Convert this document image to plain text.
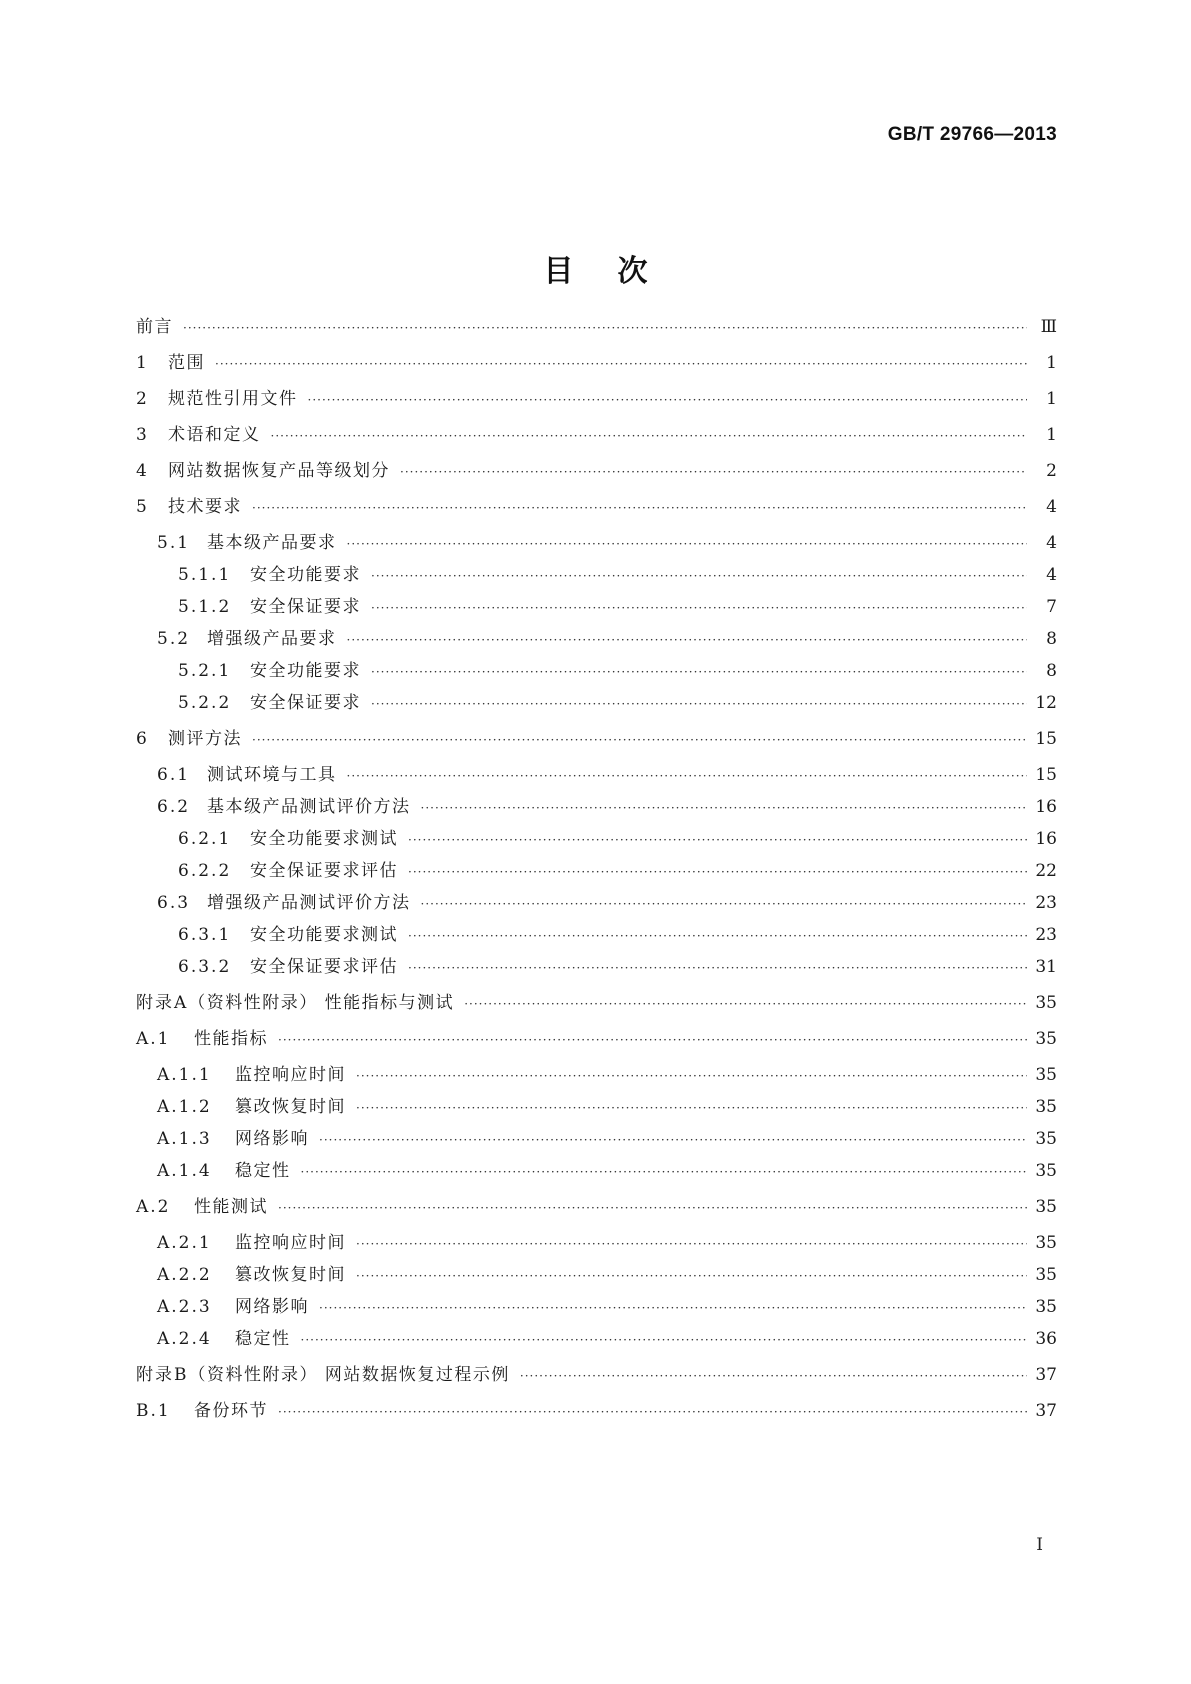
GB/T 29766—2013
目次
前言 ·····	Ⅲ
1	范围 ·····	1
2	规范性引用文件 ·····	1
3	术语和定义 ·····	1
4	网站数据恢复产品等级划分 ·····	2
5	技术要求 ·····	4
5.1 基本级产品要求 ·····	4
5.1.1	安全功能要求 ·····	4
5.1.2	安全保证要求 ·····	7
5.2 增强级产品要求 ·····	8
5.2.1	安全功能要求 ·····	8
5.2.2	安全保证要求 ·····	12
6	测评方法 ·····	15
6.1 测试环境与工具 ·····	15
6.2 基本级产品测试评价方法 ·····	16
6.2.1	安全功能要求测试 ·····	16
6.2.2	安全保证要求评估 ·····	22
6.3 增强级产品测试评价方法 ·····	23
6.3.1	安全功能要求测试 ·····	23
6.3.2	安全保证要求评估 ·····	31
附录A （资料性附录） 性能指标与测试 ·····	35
A.1	性能指标 ·····	35
A.1.1	监控响应时间 ·····	35
A.1.2	篡改恢复时间 ·····	35
A.1.3	网络影响 ·····	35
A.1.4	稳定性 ·····	35
A.2	性能测试 ·····	35
A.2.1	监控响应时间 ·····	35
A.2.2	篡改恢复时间 ·····	35
A.2.3	网络影响 ·····	35
A.2.4	稳定性 ·····	36
附录B （资料性附录） 网站数据恢复过程示例 ·····	37
B.1	备份环节 ·····	37
Ⅰ
